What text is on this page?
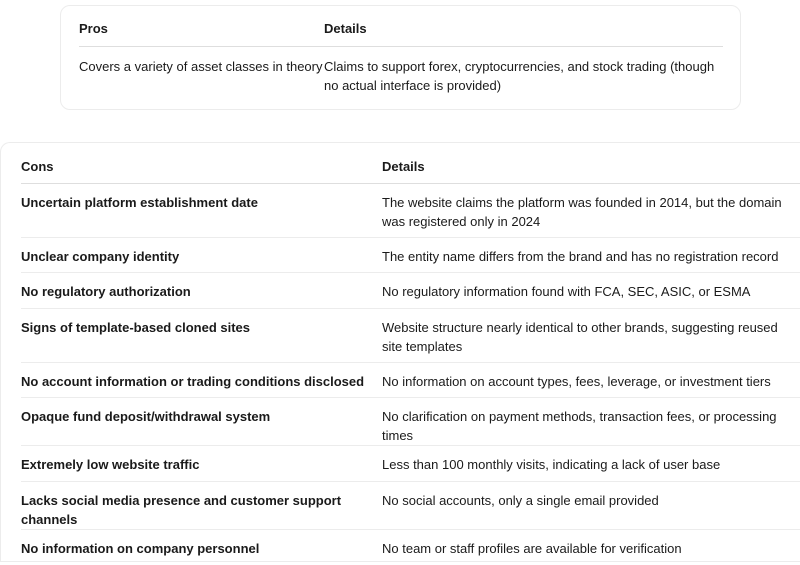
Pros	Details
Covers a variety of asset classes in theory	Claims to support forex, cryptocurrencies, and stock trading (though no actual interface is provided)
Cons	Details
Uncertain platform establishment date	The website claims the platform was founded in 2014, but the domain was registered only in 2024
Unclear company identity	The entity name differs from the brand and has no registration record
No regulatory authorization	No regulatory information found with FCA, SEC, ASIC, or ESMA
Signs of template-based cloned sites	Website structure nearly identical to other brands, suggesting reused site templates
No account information or trading conditions disclosed	No information on account types, fees, leverage, or investment tiers
Opaque fund deposit/withdrawal system	No clarification on payment methods, transaction fees, or processing times
Extremely low website traffic	Less than 100 monthly visits, indicating a lack of user base
Lacks social media presence and customer support channels	No social accounts, only a single email provided
No information on company personnel	No team or staff profiles are available for verification
